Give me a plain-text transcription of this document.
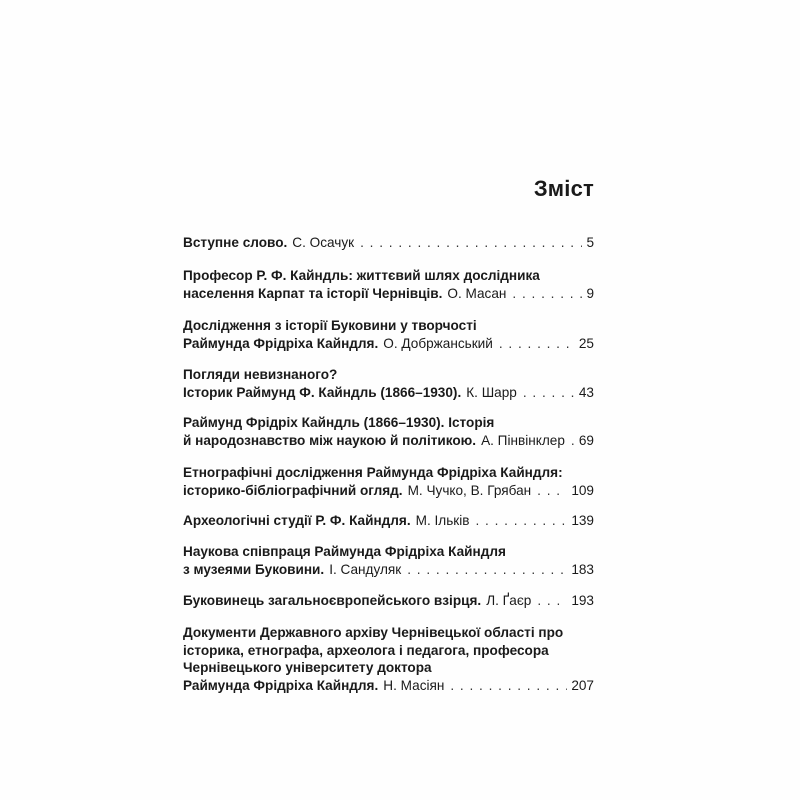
Зміст
Вступне слово. С. Осачук . . .	5
Професор Р. Ф. Кайндль: життєвий шлях дослідника
населення Карпат та історії Чернівців. О. Масан . . .	9
Дослідження з історії Буковини у творчості
Раймунда Фрідріха Кайндля. О. Добржанський . . .	25
Погляди невизнаного?
Історик Раймунд Ф. Кайндль (1866–1930). К. Шарр . . .	43
Раймунд Фрідріх Кайндль (1866–1930). Історія
й народознавство між наукою й політикою. А. Пінвінклер . . . 69
Етнографічні дослідження Раймунда Фрідріха Кайндля:
історико-бібліографічний огляд. М. Чучко, В. Грябан . . .	109
Археологічні студії Р. Ф. Кайндля. М. Ільків . . .	139
Наукова співпраця Раймунда Фрідріха Кайндля
з музеями Буковини. І. Сандуляк . . .	183
Буковинець загальноєвропейського взірця. Л. Ґаєр . . .	193
Документи Державного архіву Чернівецької області про
історика, етнографа, археолога і педагога, професора
Чернівецького університету доктора
Раймунда Фрідріха Кайндля. Н. Масіян . . .	207
